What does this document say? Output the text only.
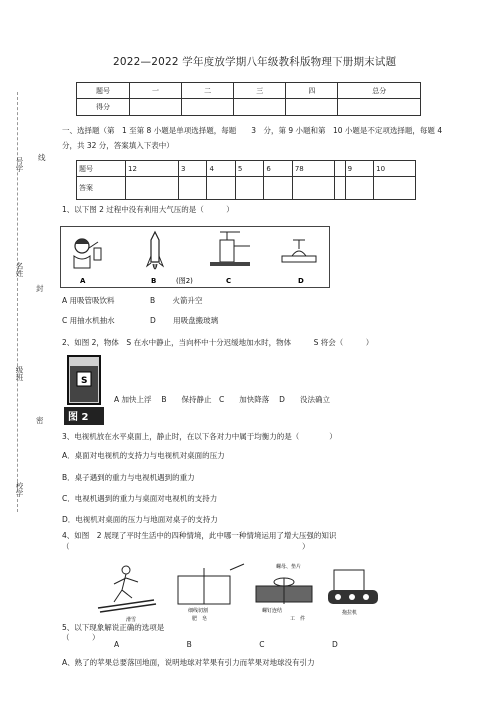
2022—2022 学年度放学期八年级教科版物理下册期末试题
题号	一	二	三	四	总分
得分					
一、选择题（第　1 至第 8 小题是单项选择题，每题　　3　分，第 9 小题和第　10 小题是不定项选择题，每题 4
分，共 32 分，答案填入下表中）
题号	12	3	4	5	6	78		9	10
答案									
号学 线
名姓
封
级班
密
校学
1、以下图 2 过程中没有利用大气压的是（　　　）
A	B	(图2)	C	D
A 用吸管吸饮料	B　　 火箭升空
C 用抽水机抽水	D　　 用吸盘搬玻璃
2、如图 2，物体　S 在水中静止，当向杯中十分迟缓地加水时，物体　　　S 将会（　　　）
S
图 2
A 加快上浮　 B　　保持静止　C　　加快降落　 D　　没法确立
3、电视机放在水平桌面上，静止时，在以下各对力中属于均衡力的是（　　　　）
A．桌面对电视机的支持力与电视机对桌面的压力
B．桌子遇到的重力与电视机遇到的重力
C．电视机遇到的重力与桌面对电视机的支持力
D．电视机对桌面的压力与地面对桌子的支持力
4、如图　2 展现了平时生活中的四种情境，此中哪一种情境运用了增大压强的知识
（　　　　　　　　　　　　　　　　　　　　　　　　　　　　　　　）
滑雪
细线切割
肥　皂
螺母、垫片
螺钉连结
工　件
拖拉机
5、以下现象解说正确的选项是
（　　　）
A　　　　　　　　　B　　　　　　　　　C　　　　　　　　　D
A、熟了的苹果总要落回地面，说明地球对苹果有引力而苹果对地球没有引力
